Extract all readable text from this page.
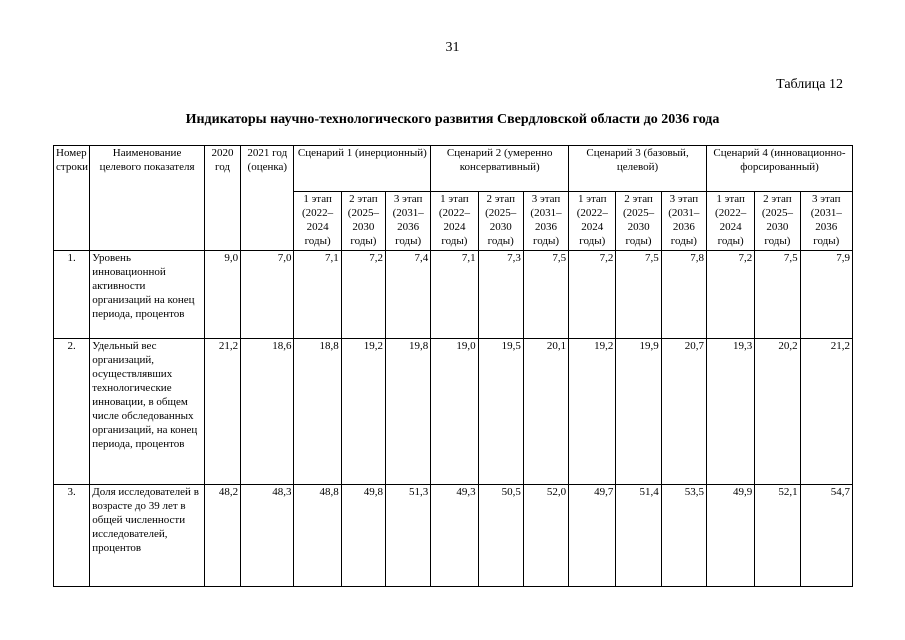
31
Таблица 12
Индикаторы научно-технологического развития Свердловской области до 2036 года
Номер строки	Наименование целевого показателя	2020 год	2021 год (оценка)	Сценарий 1 (инерционный)			Сценарий 2 (умеренно консервативный)			Сценарий 3 (базовый, целевой)			Сценарий 4 (инновационно-форсированный)		
				1 этап (2022–2024 годы)	2 этап (2025–2030 годы)	3 этап (2031–2036 годы)	1 этап (2022–2024 годы)	2 этап (2025–2030 годы)	3 этап (2031–2036 годы)	1 этап (2022–2024 годы)	2 этап (2025–2030 годы)	3 этап (2031–2036 годы)	1 этап (2022–2024 годы)	2 этап (2025–2030 годы)	3 этап (2031–2036 годы)
1.	Уровень инновационной активности организаций на конец периода, процентов	9,0	7,0	7,1	7,2	7,4	7,1	7,3	7,5	7,2	7,5	7,8	7,2	7,5	7,9
2.	Удельный вес организаций, осуществлявших технологические инновации, в общем числе обследованных организаций, на конец периода, процентов	21,2	18,6	18,8	19,2	19,8	19,0	19,5	20,1	19,2	19,9	20,7	19,3	20,2	21,2
3.	Доля исследователей в возрасте до 39 лет в общей численности исследователей, процентов	48,2	48,3	48,8	49,8	51,3	49,3	50,5	52,0	49,7	51,4	53,5	49,9	52,1	54,7
